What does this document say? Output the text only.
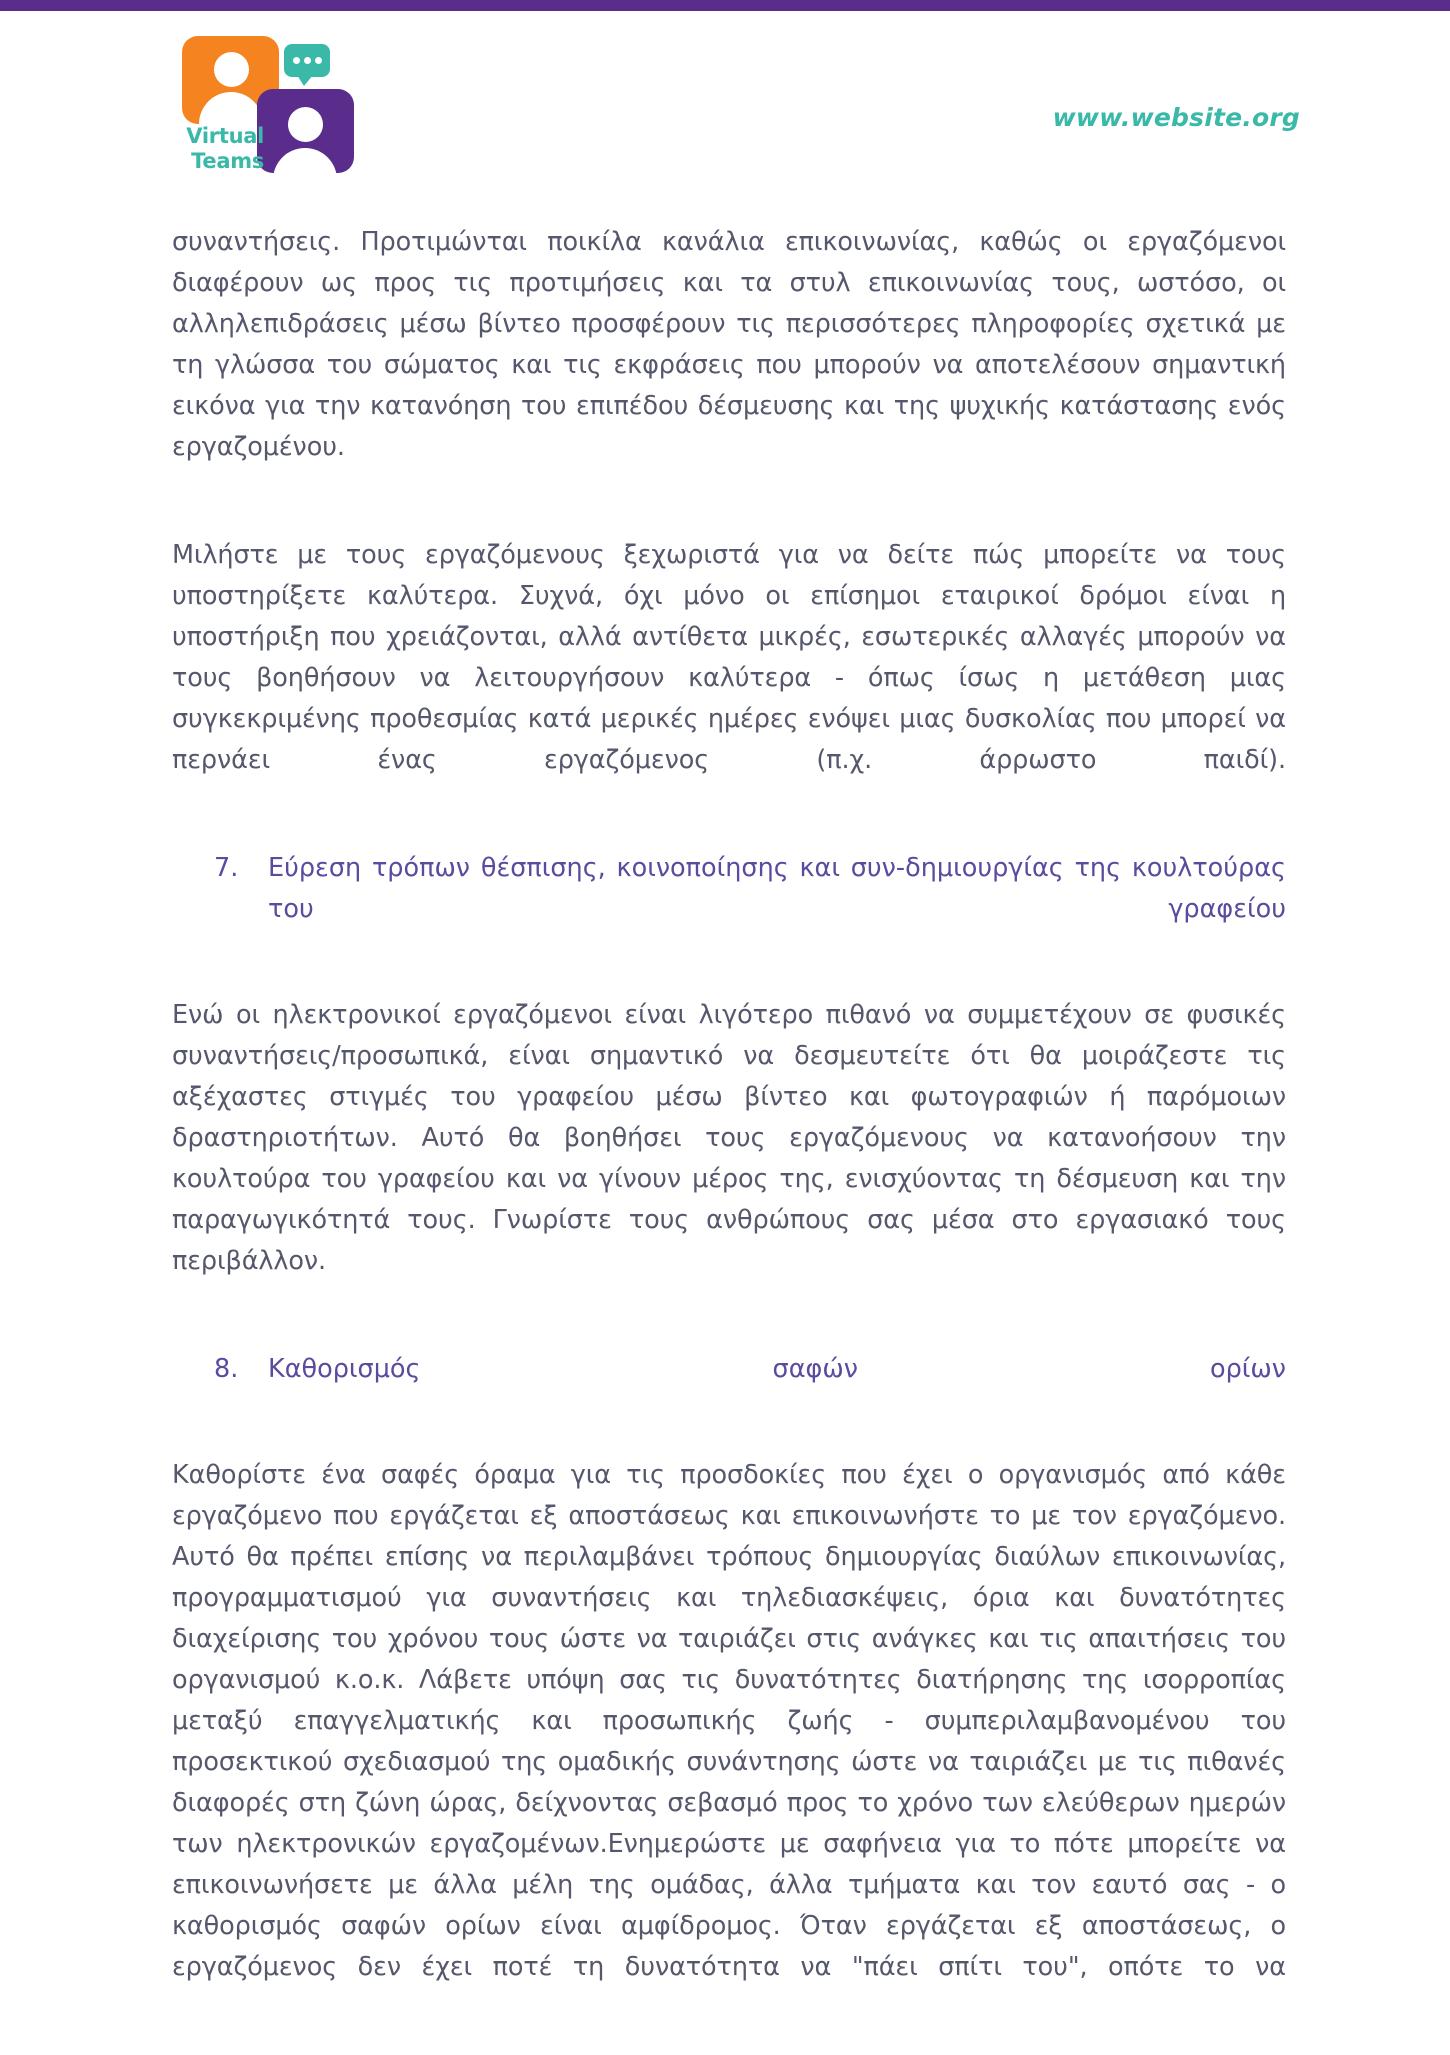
Virtual
Teams
www.website.org

συναντήσεις. Προτιμώνται ποικίλα κανάλια επικοινωνίας, καθώς οι εργαζόμενοι διαφέρουν ως προς τις προτιμήσεις και τα στυλ επικοινωνίας τους, ωστόσο, οι αλληλεπιδράσεις μέσω βίντεο προσφέρουν τις περισσότερες πληροφορίες σχετικά με τη γλώσσα του σώματος και τις εκφράσεις που μπορούν να αποτελέσουν σημαντική εικόνα για την κατανόηση του επιπέδου δέσμευσης και της ψυχικής κατάστασης ενός εργαζομένου.

Μιλήστε με τους εργαζόμενους ξεχωριστά για να δείτε πώς μπορείτε να τους υποστηρίξετε καλύτερα. Συχνά, όχι μόνο οι επίσημοι εταιρικοί δρόμοι είναι η υποστήριξη που χρειάζονται, αλλά αντίθετα μικρές, εσωτερικές αλλαγές μπορούν να τους βοηθήσουν να λειτουργήσουν καλύτερα - όπως ίσως η μετάθεση μιας συγκεκριμένης προθεσμίας κατά μερικές ημέρες ενόψει μιας δυσκολίας που μπορεί να περνάει ένας εργαζόμενος (π.χ. άρρωστο παιδί).

7.	Εύρεση τρόπων θέσπισης, κοινοποίησης και συν-δημιουργίας της κουλτούρας του γραφείου

Ενώ οι ηλεκτρονικοί εργαζόμενοι είναι λιγότερο πιθανό να συμμετέχουν σε φυσικές συναντήσεις/προσωπικά, είναι σημαντικό να δεσμευτείτε ότι θα μοιράζεστε τις αξέχαστες στιγμές του γραφείου μέσω βίντεο και φωτογραφιών ή παρόμοιων δραστηριοτήτων. Αυτό θα βοηθήσει τους εργαζόμενους να κατανοήσουν την κουλτούρα του γραφείου και να γίνουν μέρος της, ενισχύοντας τη δέσμευση και την παραγωγικότητά τους. Γνωρίστε τους ανθρώπους σας μέσα στο εργασιακό τους περιβάλλον.

8.	Καθορισμός σαφών ορίων

Καθορίστε ένα σαφές όραμα για τις προσδοκίες που έχει ο οργανισμός από κάθε εργαζόμενο που εργάζεται εξ αποστάσεως και επικοινωνήστε το με τον εργαζόμενο. Αυτό θα πρέπει επίσης να περιλαμβάνει τρόπους δημιουργίας διαύλων επικοινωνίας, προγραμματισμού για συναντήσεις και τηλεδιασκέψεις, όρια και δυνατότητες διαχείρισης του χρόνου τους ώστε να ταιριάζει στις ανάγκες και τις απαιτήσεις του οργανισμού κ.ο.κ. Λάβετε υπόψη σας τις δυνατότητες διατήρησης της ισορροπίας μεταξύ επαγγελματικής και προσωπικής ζωής - συμπεριλαμβανομένου του προσεκτικού σχεδιασμού της ομαδικής συνάντησης ώστε να ταιριάζει με τις πιθανές διαφορές στη ζώνη ώρας, δείχνοντας σεβασμό προς το χρόνο των ελεύθερων ημερών των ηλεκτρονικών εργαζομένων.Ενημερώστε με σαφήνεια για το πότε μπορείτε να επικοινωνήσετε με άλλα μέλη της ομάδας, άλλα τμήματα και τον εαυτό σας - ο καθορισμός σαφών ορίων είναι αμφίδρομος. Όταν εργάζεται εξ αποστάσεως, ο εργαζόμενος δεν έχει ποτέ τη δυνατότητα να "πάει σπίτι του", οπότε το να
